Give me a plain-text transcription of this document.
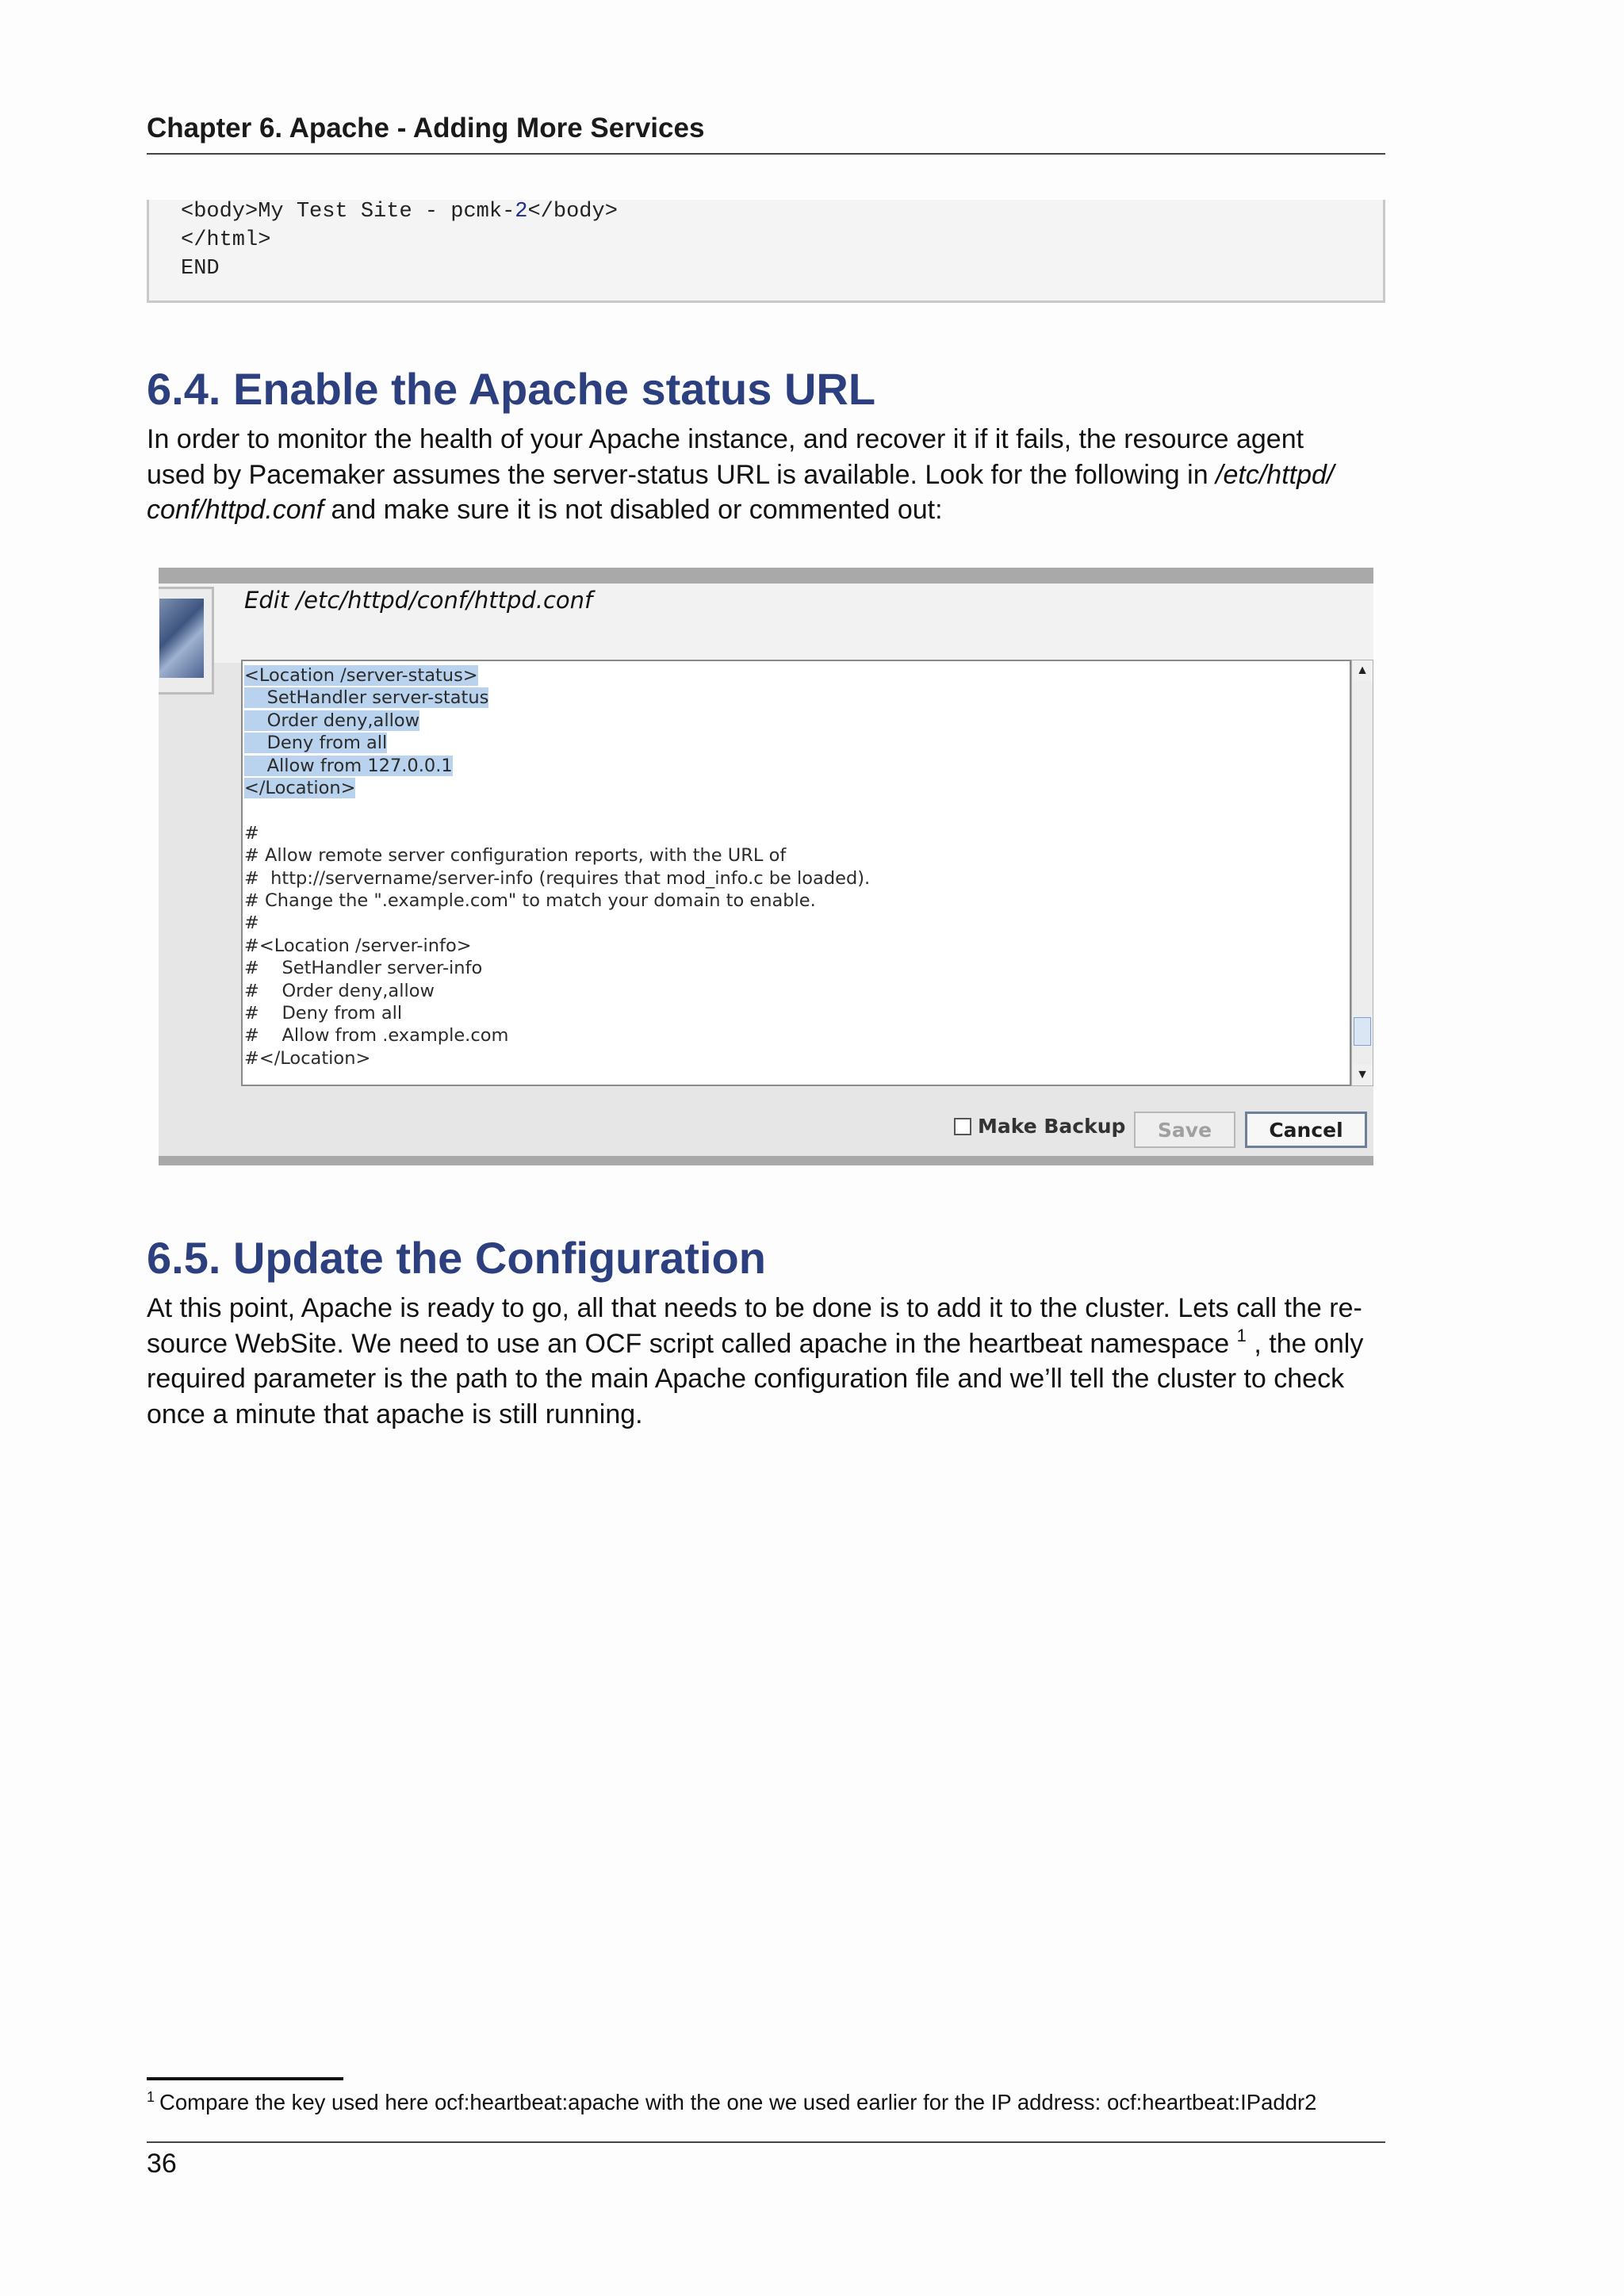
Chapter 6. Apache - Adding More Services
<body>My Test Site - pcmk-2</body>
</html>
END
6.4. Enable the Apache status URL
In order to monitor the health of your Apache instance, and recover it if it fails, the resource agent
used by Pacemaker assumes the server-status URL is available. Look for the following in /etc/httpd/
conf/httpd.conf and make sure it is not disabled or commented out:
Edit /etc/httpd/conf/httpd.conf
<Location /server-status>
SetHandler server-status
Order deny,allow
Deny from all
Allow from 127.0.0.1
</Location>
#
# Allow remote server configuration reports, with the URL of
#  http://servername/server-info (requires that mod_info.c be loaded).
# Change the ".example.com" to match your domain to enable.
#
#<Location /server-info>
#    SetHandler server-info
#    Order deny,allow
#    Deny from all
#    Allow from .example.com
#</Location>
▲
▼
Make Backup	Save	Cancel
6.5. Update the Configuration
At this point, Apache is ready to go, all that needs to be done is to add it to the cluster. Lets call the re-
source WebSite. We need to use an OCF script called apache in the heartbeat namespace $^1$ , the only
required parameter is the path to the main Apache configuration file and we’ll tell the cluster to check
once a minute that apache is still running.
$^1$ Compare the key used here ocf:heartbeat:apache with the one we used earlier for the IP address: ocf:heartbeat:IPaddr2
36
